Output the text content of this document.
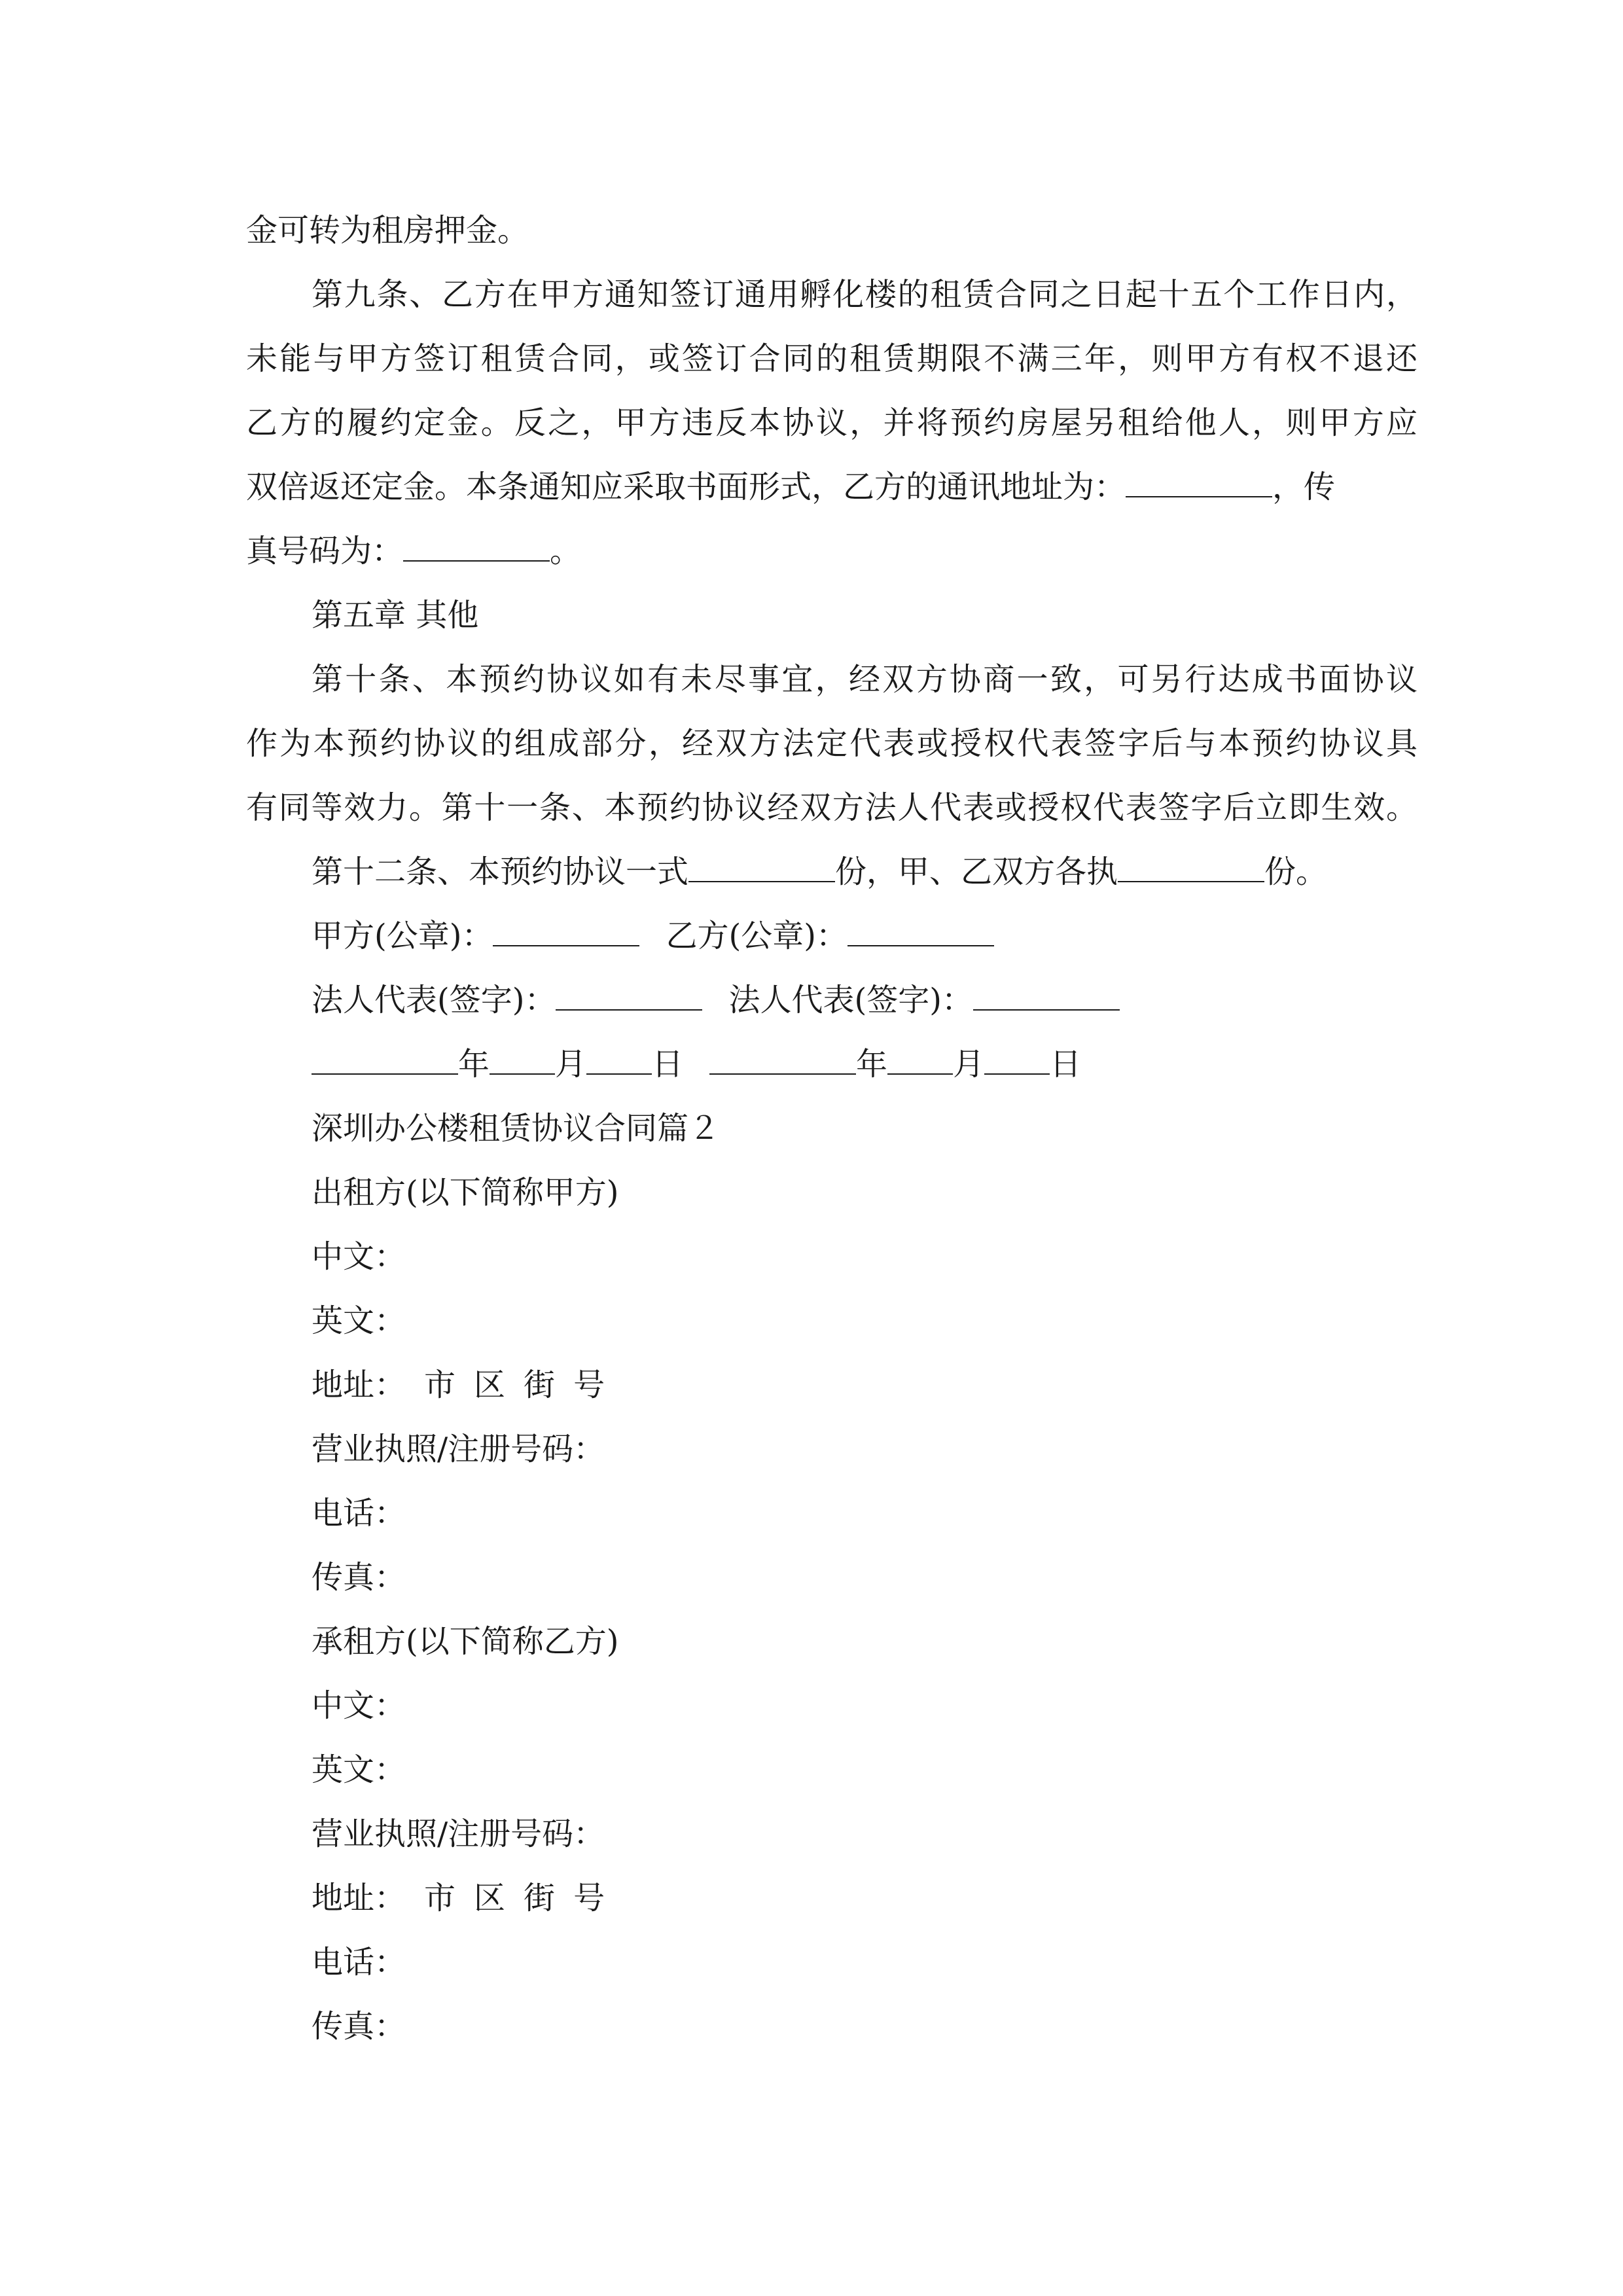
金可转为租房押金。
第九条、乙方在甲方通知签订通用孵化楼的租赁合同之日起十五个工作日内，
未能与甲方签订租赁合同，或签订合同的租赁期限不满三年，则甲方有权不退还
乙方的履约定金。反之，甲方违反本协议，并将预约房屋另租给他人，则甲方应
双倍返还定金。本条通知应采取书面形式，乙方的通讯地址为：	，传
真号码为：	。
第五章 其他
第十条、本预约协议如有未尽事宜，经双方协商一致，可另行达成书面协议
作为本预约协议的组成部分，经双方法定代表或授权代表签字后与本预约协议具
有同等效力。第十一条、本预约协议经双方法人代表或授权代表签字后立即生效。
第十二条、本预约协议一式	份，甲、乙双方各执	份。
甲方(公章)：	乙方(公章)：
法人代表(签字)：	法人代表(签字)：
年 月 日	年 月 日
深圳办公楼租赁协议合同篇２
出租方(以下简称甲方)
中文：
英文：
地址： 市 区 街 号
营业执照/注册号码：
电话：
传真：
承租方(以下简称乙方)
中文：
英文：
营业执照/注册号码：
地址： 市 区 街 号
电话：
传真：
